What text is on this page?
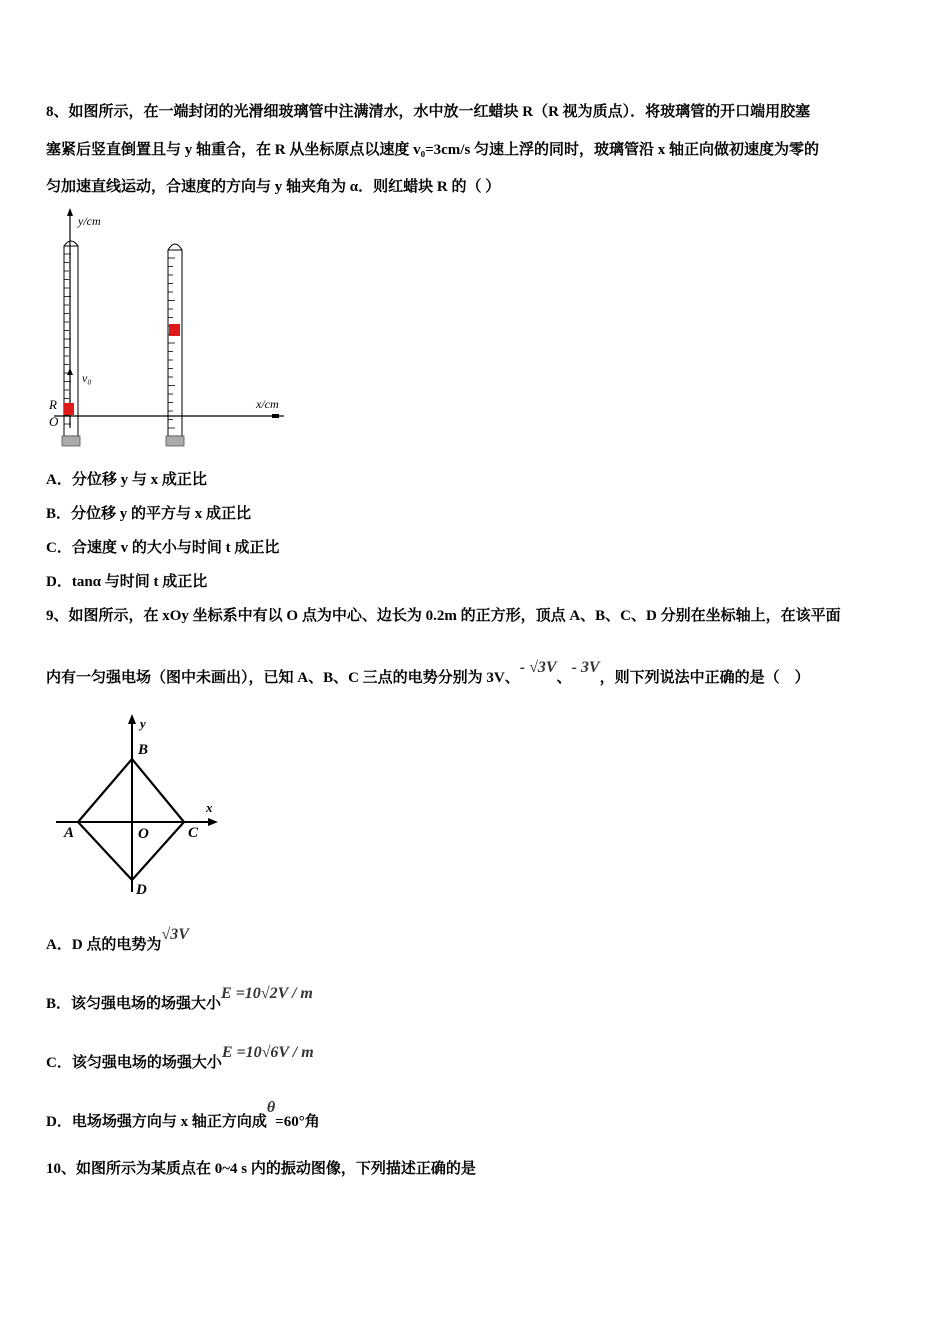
8、如图所示，在一端封闭的光滑细玻璃管中注满清水，水中放一红蜡块 R（R 视为质点）．将玻璃管的开口端用胶塞
塞紧后竖直倒置且与 y 轴重合，在 R 从坐标原点以速度 v₀=3cm/s 匀速上浮的同时，玻璃管沿 x 轴正向做初速度为零的
匀加速直线运动，合速度的方向与 y 轴夹角为 α．则红蜡块 R 的（ ）
y/cm
x/cm
v₀
R
O
A．分位移 y 与 x 成正比
B．分位移 y 的平方与 x 成正比
C．合速度 v 的大小与时间 t 成正比
D．tanα 与时间 t 成正比
9、如图所示，在 xOy 坐标系中有以 O 点为中心、边长为 0.2m 的正方形，顶点 A、B、C、D 分别在坐标轴上，在该平面
内有一匀强电场（图中未画出），已知 A、B、C 三点的电势分别为 3V、- √3V、- 3V，则下列说法中正确的是（　）
y
x
B
A	O	C
D
A．D 点的电势为√3V
B．该匀强电场的场强大小E =10√2V / m
C．该匀强电场的场强大小E =10√6V / m
D．电场场强方向与 x 轴正方向成θ=60°角
10、如图所示为某质点在 0~4 s 内的振动图像，下列描述正确的是
